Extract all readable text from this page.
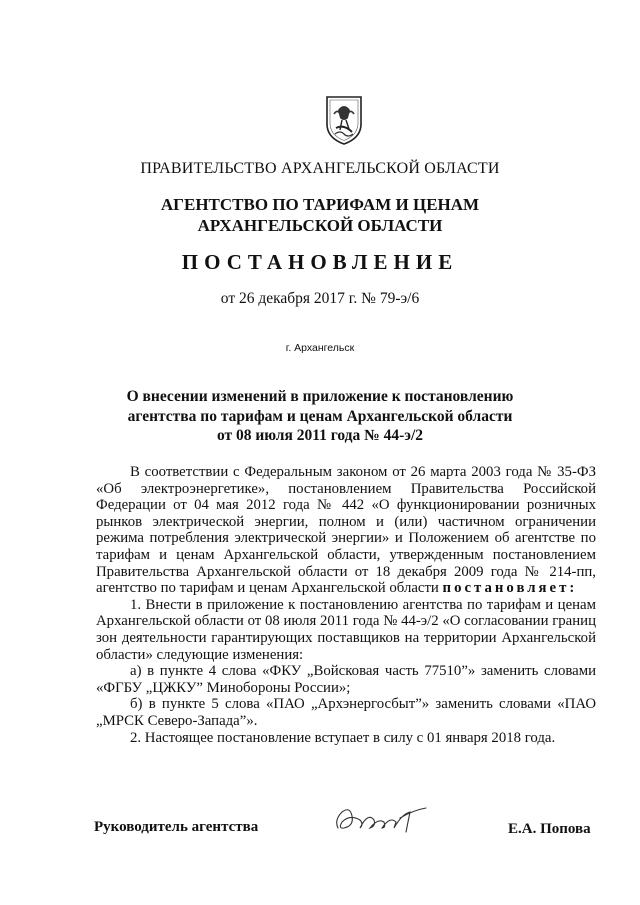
ПРАВИТЕЛЬСТВО АРХАНГЕЛЬСКОЙ ОБЛАСТИ
АГЕНТСТВО ПО ТАРИФАМ И ЦЕНАМ
АРХАНГЕЛЬСКОЙ ОБЛАСТИ
ПОСТАНОВЛЕНИЕ
от 26 декабря 2017 г. № 79-э/6
г. Архангельск
О внесении изменений в приложение к постановлению
агентства по тарифам и ценам Архангельской области
от 08 июля 2011 года № 44-э/2

В соответствии с Федеральным законом от 26 марта 2003 года № 35-ФЗ «Об электроэнергетике», постановлением Правительства Российской Федерации от 04 мая 2012 года № 442 «О функционировании розничных рынков электрической энергии, полном и (или) частичном ограничении режима потребления электрической энергии» и Положением об агентстве по тарифам и ценам Архангельской области, утвержденным постановлением Правительства Архангельской области от 18 декабря 2009 года № 214-пп, агентство по тарифам и ценам Архангельской области постановляет:

1. Внести в приложение к постановлению агентства по тарифам и ценам Архангельской области от 08 июля 2011 года № 44-э/2 «О согласовании границ зон деятельности гарантирующих поставщиков на территории Архангельской области» следующие изменения:

а) в пункте 4 слова «ФКУ „Войсковая часть 77510”» заменить словами «ФГБУ „ЦЖКУ” Минобороны России»;

б) в пункте 5 слова «ПАО „Архэнергосбыт”» заменить словами «ПАО „МРСК Северо-Запада”».

2. Настоящее постановление вступает в силу с 01 января 2018 года.

Руководитель агентства	Е.А. Попова
